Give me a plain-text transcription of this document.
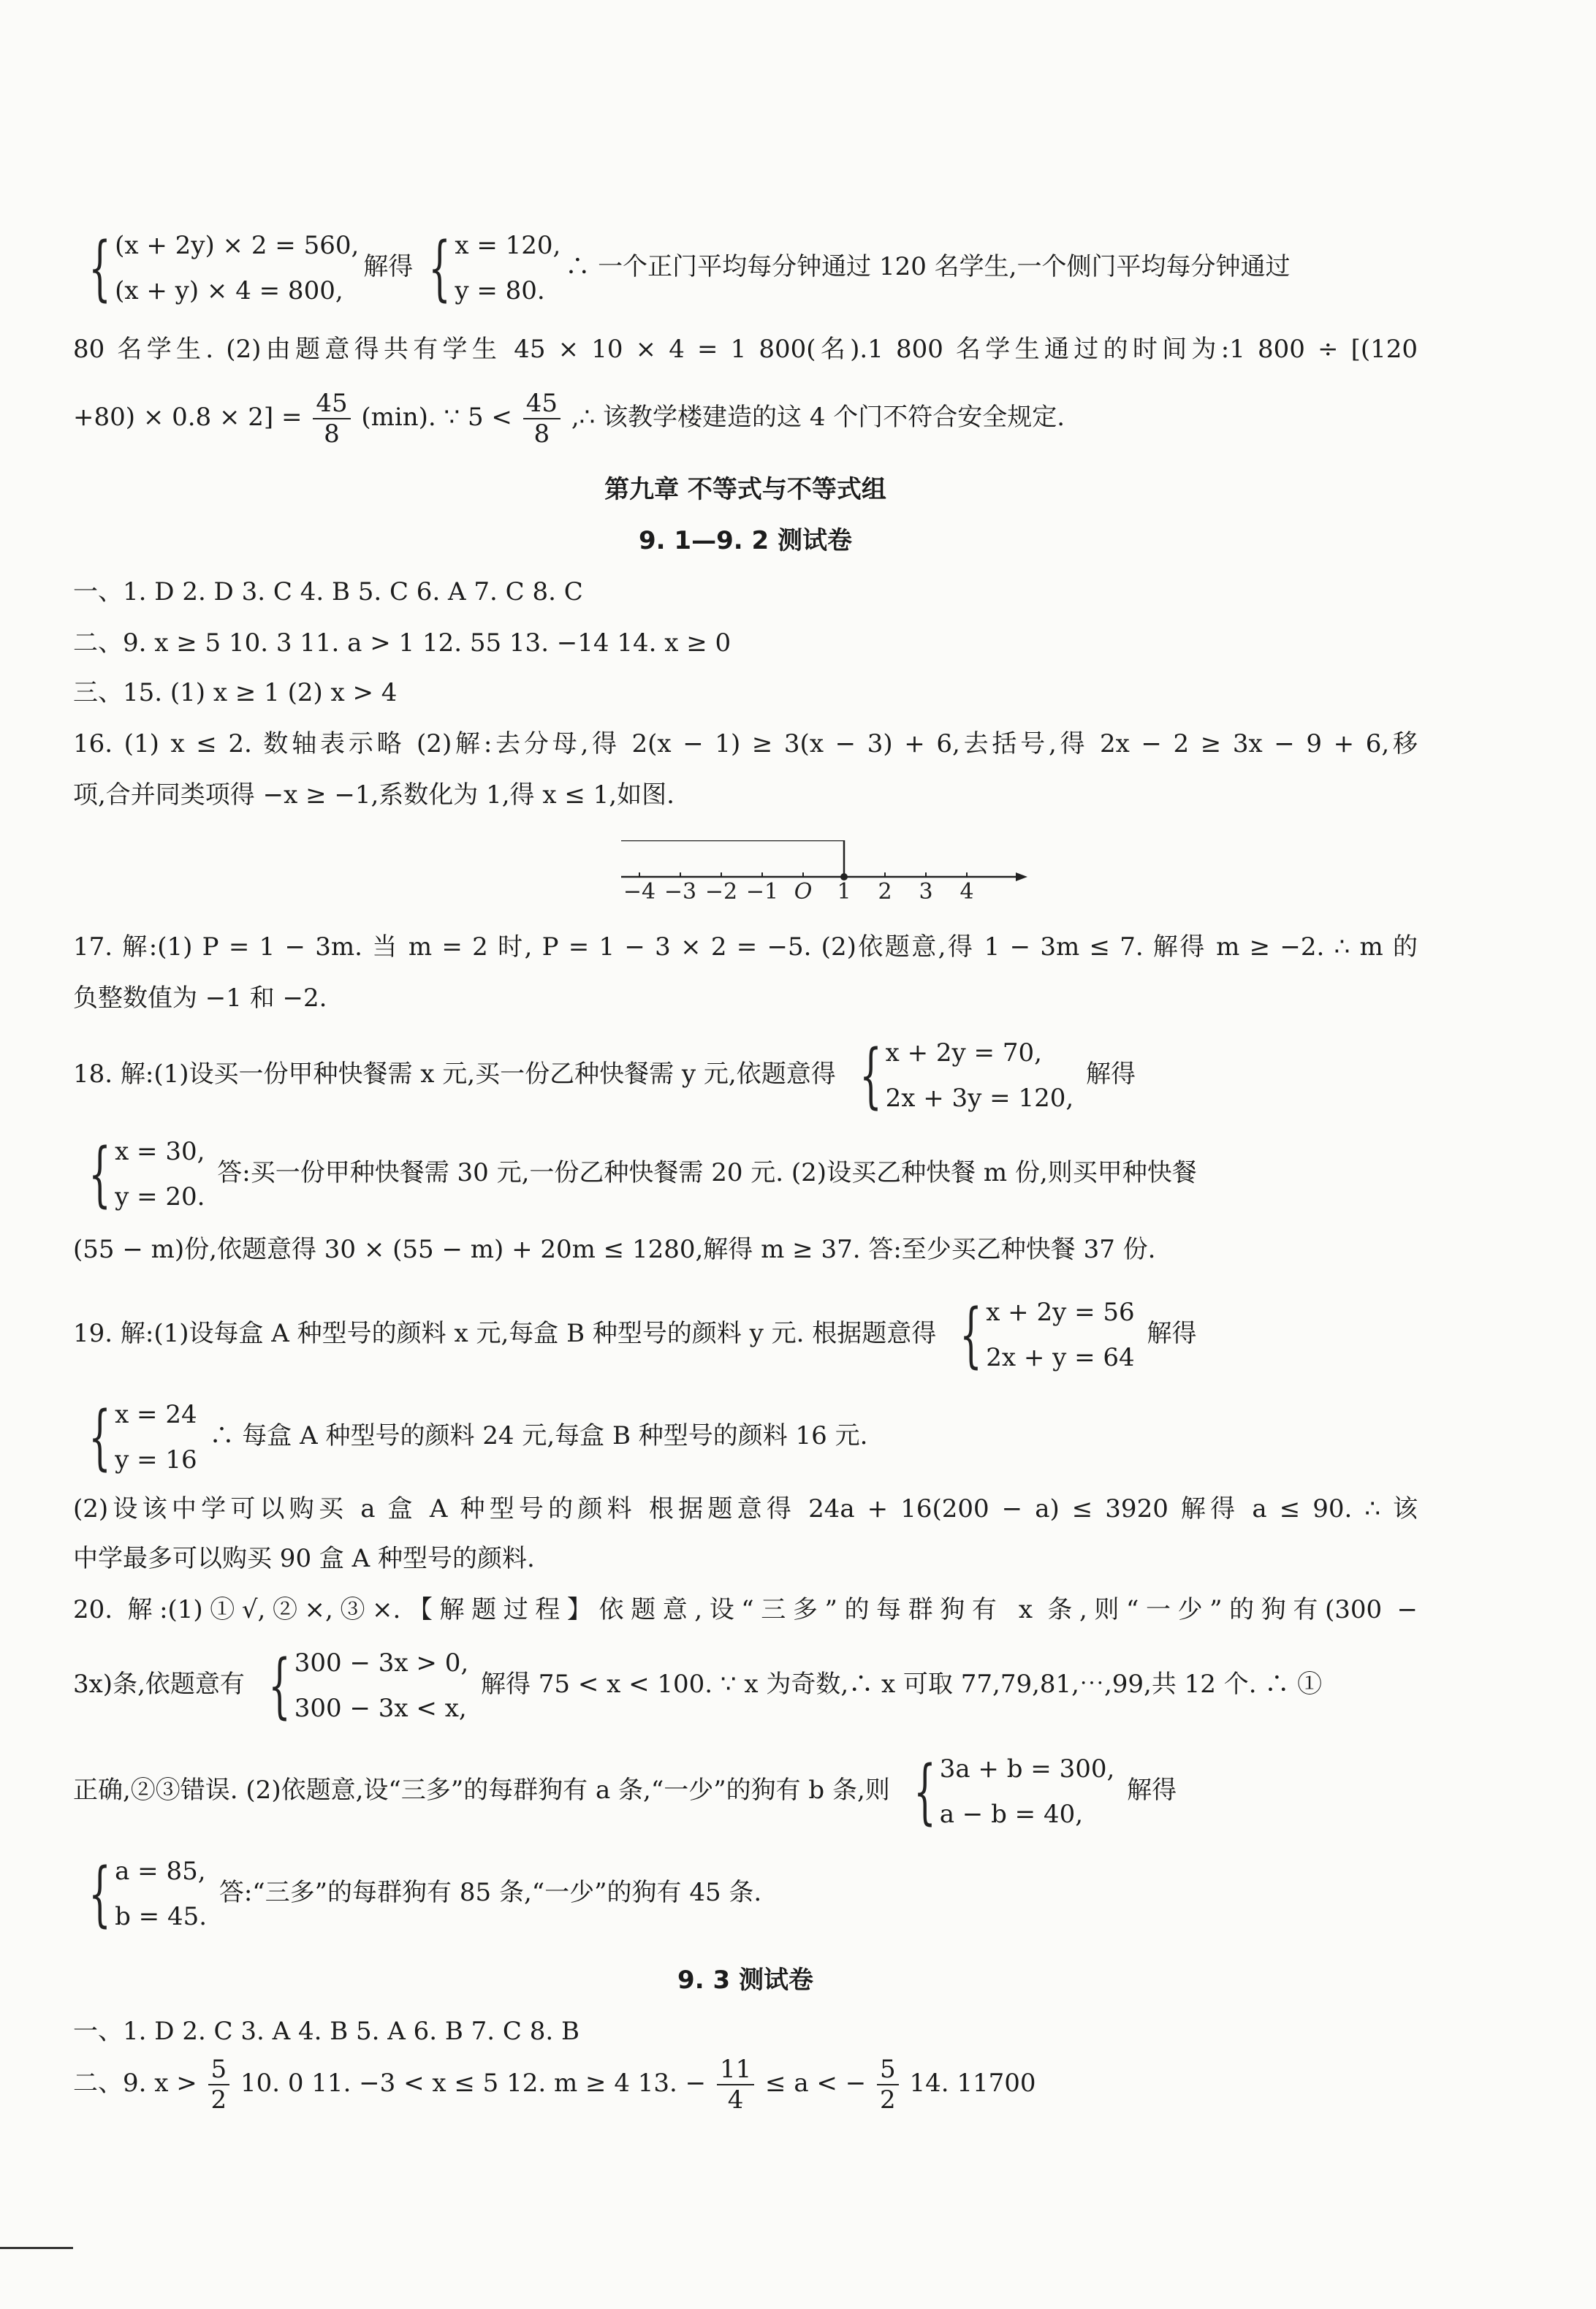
{ (x + 2y) × 2 = 560,
(x + y) × 4 = 800,
解得 { x = 120,
y = 80.
∴ 一个正门平均每分钟通过 120 名学生,一个侧门平均每分钟通过
80 名学生. (2)由题意得共有学生 45 × 10 × 4 = 1 800(名).1 800 名学生通过的时间为:1 800 ÷ [(120
$+80) \times 0.8 \times 2] = \frac{45}{8} (\min)$. ∵ $5 < \frac{45}{8}$ ,∴ 该教学楼建造的这 4 个门不符合安全规定.
第九章 不等式与不等式组
9. 1—9. 2 测试卷
一、1. D 2. D 3. C 4. B 5. C 6. A 7. C 8. C
二、9. x ≥ 5 10. 3 11. a > 1 12. 55 13. −14 14. x ≥ 0
三、15. (1) x ≥ 1 (2) x > 4
16. (1) x ≤ 2. 数轴表示略 (2)解:去分母,得 2(x − 1) ≥ 3(x − 3) + 6,去括号,得 2x − 2 ≥ 3x − 9 + 6,移
项,合并同类项得 −x ≥ −1,系数化为 1,得 x ≤ 1,如图.
−4 −3 −2 −1 O 1 2 3 4
17. 解:(1) P = 1 − 3m. 当 m = 2 时, P = 1 − 3 × 2 = −5. (2)依题意,得 1 − 3m ≤ 7. 解得 m ≥ −2. ∴ m 的
负整数值为 −1 和 −2.
18. 解:(1)设买一份甲种快餐需 x 元,买一份乙种快餐需 y 元,依题意得 { x + 2y = 70,
2x + 3y = 120,
解得
{ x = 30,
y = 20.
答:买一份甲种快餐需 30 元,一份乙种快餐需 20 元. (2)设买乙种快餐 m 份,则买甲种快餐
(55 − m)份,依题意得 30 × (55 − m) + 20m ≤ 1280,解得 m ≥ 37. 答:至少买乙种快餐 37 份.
19. 解:(1)设每盒 A 种型号的颜料 x 元,每盒 B 种型号的颜料 y 元. 根据题意得 { x + 2y = 56
2x + y = 64
解得
{ x = 24
y = 16
∴ 每盒 A 种型号的颜料 24 元,每盒 B 种型号的颜料 16 元.
(2)设该中学可以购买 a 盒 A 种型号的颜料 根据题意得 24a + 16(200 − a) ≤ 3920 解得 a ≤ 90. ∴ 该
中学最多可以购买 90 盒 A 种型号的颜料.
20. 解:(1)①√,②×,③×.【解题过程】依题意,设“三多”的每群狗有 x 条,则“一少”的狗有(300 −
3x)条,依题意有 { 300 − 3x > 0,
300 − 3x < x,
解得 75 < x < 100. ∵ x 为奇数,∴ x 可取 77,79,81,⋯,99,共 12 个. ∴ ①
正确,②③错误. (2)依题意,设“三多”的每群狗有 a 条,“一少”的狗有 b 条,则 { 3a + b = 300,
a − b = 40,
解得
{ a = 85,
b = 45.
答:“三多”的每群狗有 85 条,“一少”的狗有 45 条.
9. 3 测试卷
一、1. D 2. C 3. A 4. B 5. A 6. B 7. C 8. B
二、9. $x > \frac{5}{2} 10$. 0 11. −3 < x ≤ 5 12. m ≥ 4 13. − $\frac{11}{4} \le a$ < − $\frac{5}{2} 14$. 11700
